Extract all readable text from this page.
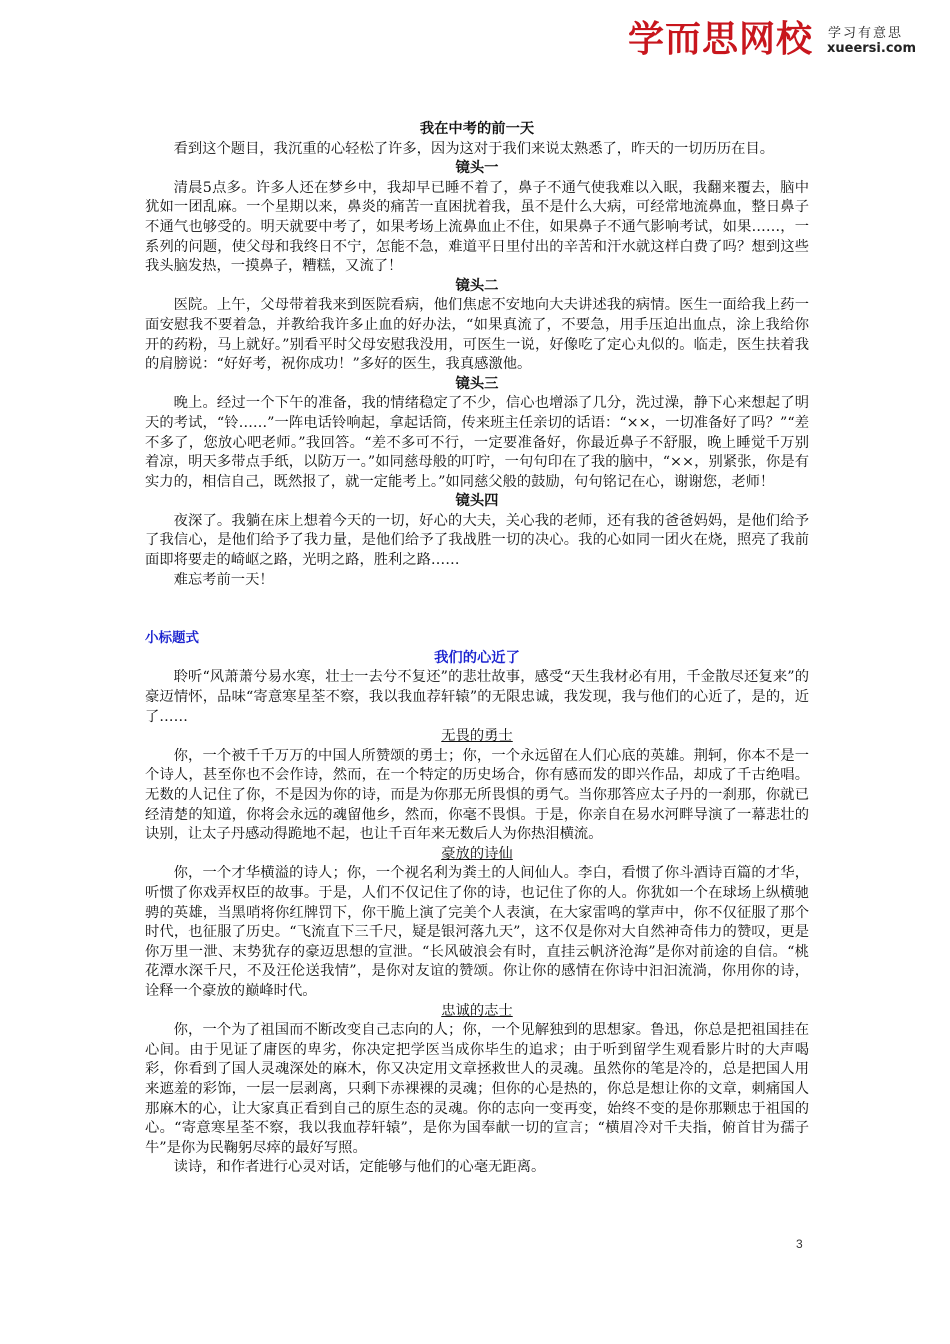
学而思网校 学习有意思
xueersi.com
我在中考的前一天

看到这个题目，我沉重的心轻松了许多，因为这对于我们来说太熟悉了，昨天的一切历历在目。

镜头一

清晨5点多。许多人还在梦乡中，我却早已睡不着了，鼻子不通气使我难以入眠，我翻来覆去，脑中犹如一团乱麻。一个星期以来，鼻炎的痛苦一直困扰着我，虽不是什么大病，可经常地流鼻血，整日鼻子不通气也够受的。明天就要中考了，如果考场上流鼻血止不住，如果鼻子不通气影响考试，如果……，一系列的问题，使父母和我终日不宁，怎能不急，难道平日里付出的辛苦和汗水就这样白费了吗？想到这些我头脑发热，一摸鼻子，糟糕，又流了！

镜头二

医院。上午，父母带着我来到医院看病，他们焦虑不安地向大夫讲述我的病情。医生一面给我上药一面安慰我不要着急，并教给我许多止血的好办法，“如果真流了，不要急，用手压迫出血点，涂上我给你开的药粉，马上就好。”别看平时父母安慰我没用，可医生一说，好像吃了定心丸似的。临走，医生扶着我的肩膀说：“好好考，祝你成功！”多好的医生，我真感激他。

镜头三

晚上。经过一个下午的准备，我的情绪稳定了不少，信心也增添了几分，洗过澡，静下心来想起了明天的考试，“铃……”一阵电话铃响起，拿起话筒，传来班主任亲切的话语：“××，一切准备好了吗？”“差不多了，您放心吧老师。”我回答。“差不多可不行，一定要准备好，你最近鼻子不舒服，晚上睡觉千万别着凉，明天多带点手纸，以防万一。”如同慈母般的叮咛，一句句印在了我的脑中，“××，别紧张，你是有实力的，相信自己，既然报了，就一定能考上。”如同慈父般的鼓励，句句铭记在心，谢谢您，老师！

镜头四

夜深了。我躺在床上想着今天的一切，好心的大夫，关心我的老师，还有我的爸爸妈妈，是他们给予了我信心，是他们给予了我力量，是他们给予了我战胜一切的决心。我的心如同一团火在烧，照亮了我前面即将要走的崎岖之路，光明之路，胜利之路……

难忘考前一天！

小标题式
我们的心近了

聆听“风萧萧兮易水寒，壮士一去兮不复还”的悲壮故事，感受“天生我材必有用，千金散尽还复来”的豪迈情怀，品味“寄意寒星荃不察，我以我血荐轩辕”的无限忠诚，我发现，我与他们的心近了，是的，近了……

无畏的勇士

你，一个被千千万万的中国人所赞颂的勇士；你，一个永远留在人们心底的英雄。荆轲，你本不是一个诗人，甚至你也不会作诗，然而，在一个特定的历史场合，你有感而发的即兴作品，却成了千古绝唱。无数的人记住了你，不是因为你的诗，而是为你那无所畏惧的勇气。当你那答应太子丹的一刹那，你就已经清楚的知道，你将会永远的魂留他乡，然而，你毫不畏惧。于是，你亲自在易水河畔导演了一幕悲壮的诀别，让太子丹感动得跪地不起，也让千百年来无数后人为你热泪横流。

豪放的诗仙

你，一个才华横溢的诗人；你，一个视名利为粪土的人间仙人。李白，看惯了你斗酒诗百篇的才华，听惯了你戏弄权臣的故事。于是，人们不仅记住了你的诗，也记住了你的人。你犹如一个在球场上纵横驰骋的英雄，当黑哨将你红牌罚下，你干脆上演了完美个人表演，在大家雷鸣的掌声中，你不仅征服了那个时代，也征服了历史。“飞流直下三千尺，疑是银河落九天”，这不仅是你对大自然神奇伟力的赞叹，更是你万里一泄、末势犹存的豪迈思想的宣泄。“长风破浪会有时，直挂云帆济沧海”是你对前途的自信。“桃花潭水深千尺，不及汪伦送我情”，是你对友谊的赞颂。你让你的感情在你诗中汩汩流淌，你用你的诗，诠释一个豪放的巅峰时代。

忠诚的志士

你，一个为了祖国而不断改变自己志向的人；你，一个见解独到的思想家。鲁迅，你总是把祖国挂在心间。由于见证了庸医的卑劣，你决定把学医当成你毕生的追求；由于听到留学生观看影片时的大声喝彩，你看到了国人灵魂深处的麻木，你又决定用文章拯救世人的灵魂。虽然你的笔是冷的，总是把国人用来遮羞的彩饰，一层一层剥离，只剩下赤裸裸的灵魂；但你的心是热的，你总是想让你的文章，刺痛国人那麻木的心，让大家真正看到自己的原生态的灵魂。你的志向一变再变，始终不变的是你那颗忠于祖国的心。“寄意寒星荃不察，我以我血荐轩辕”，是你为国奉献一切的宣言；“横眉冷对千夫指，俯首甘为孺子牛”是你为民鞠躬尽瘁的最好写照。

读诗，和作者进行心灵对话，定能够与他们的心毫无距离。

3
